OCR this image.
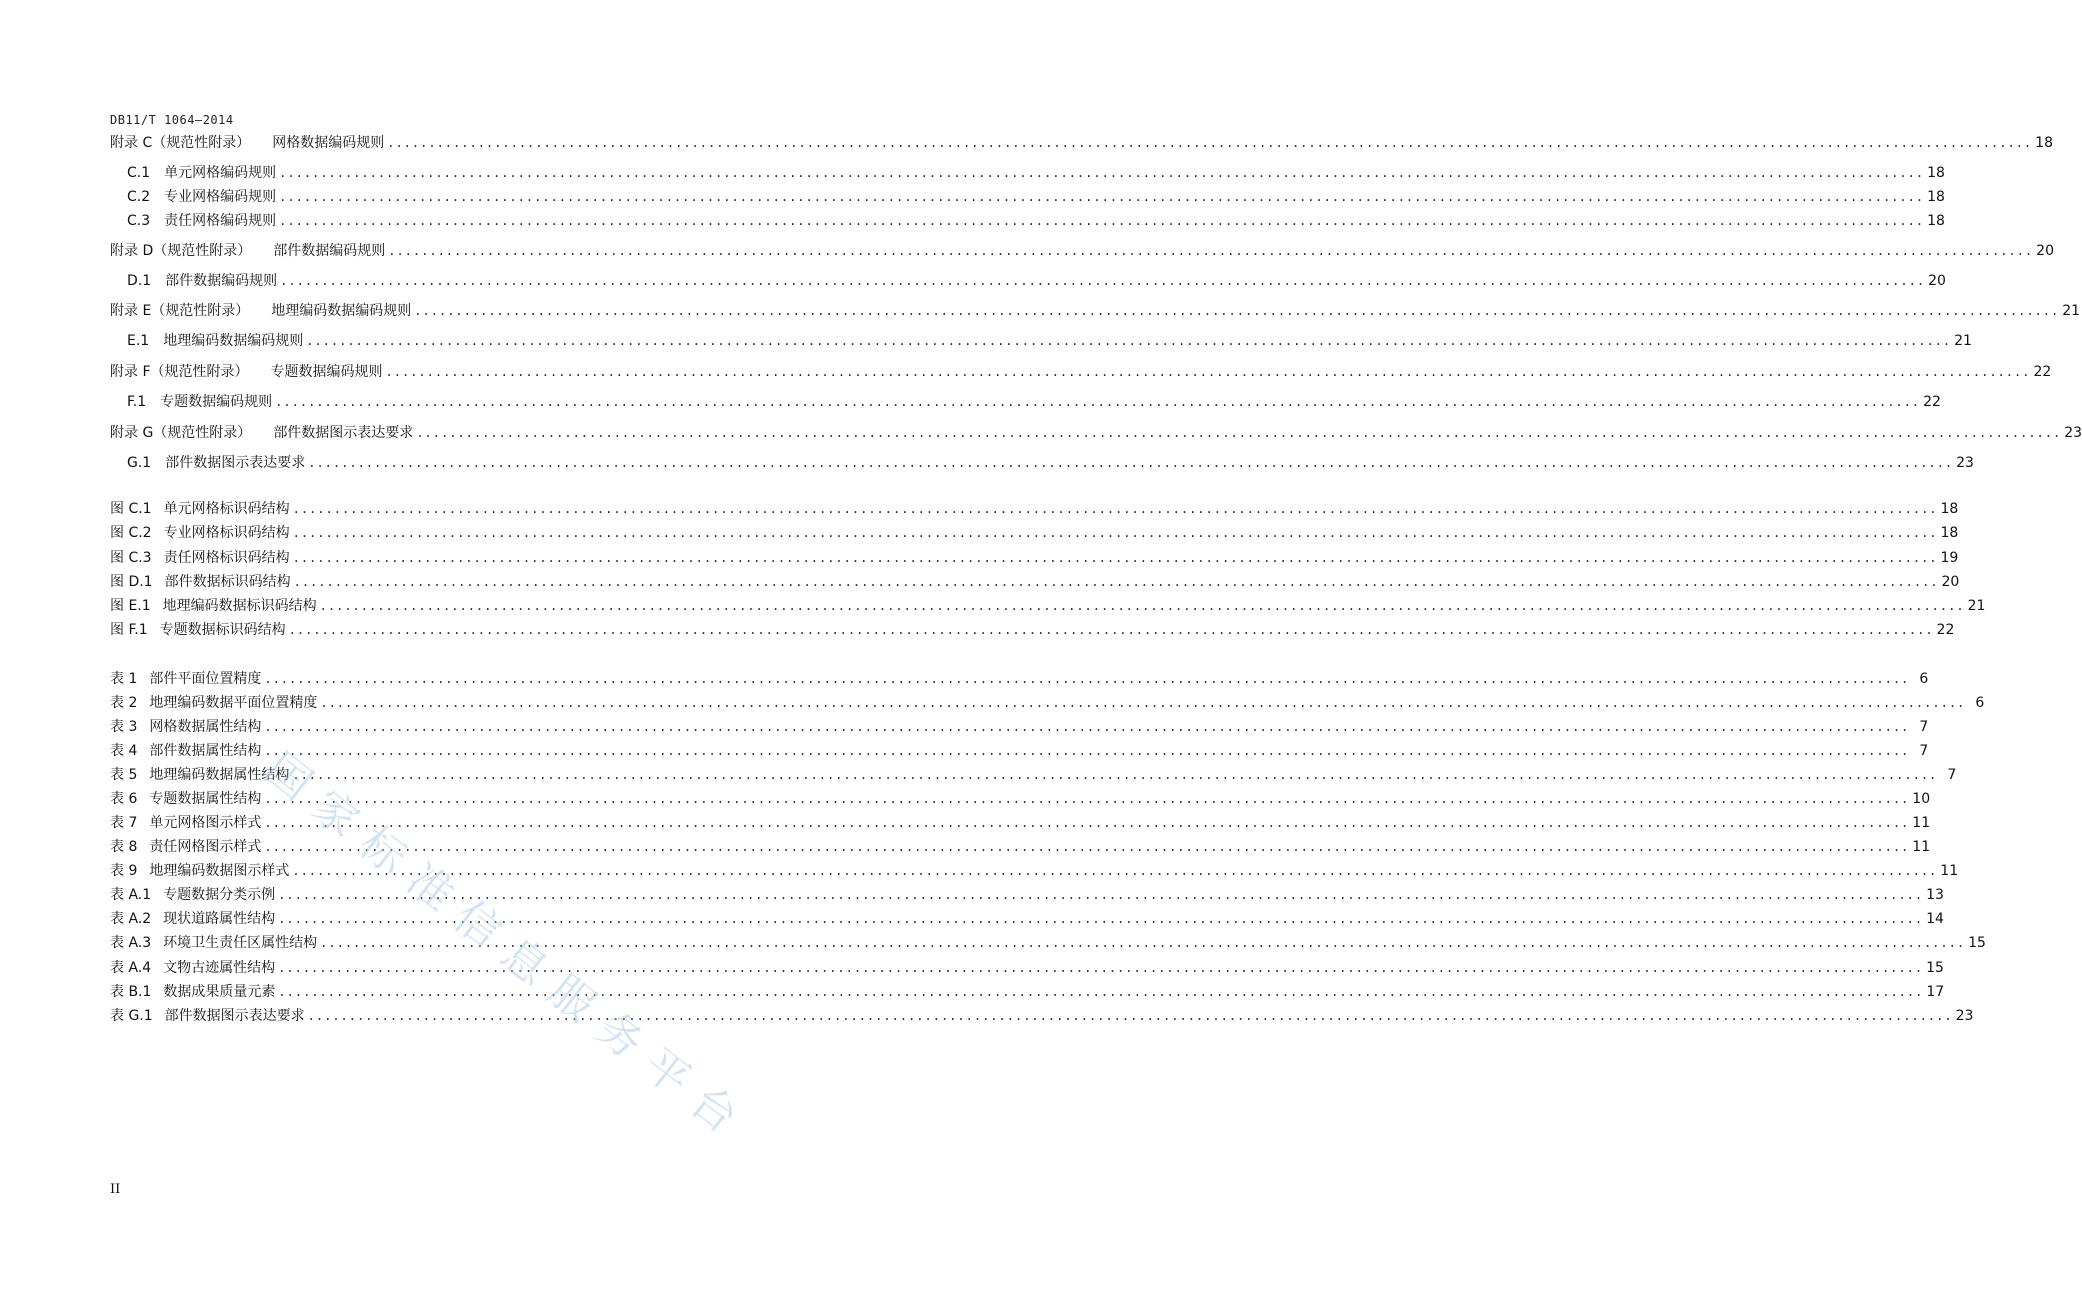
DB11/T 1064—2014
附录 C（规范性附录） 网格数据编码规则 ........................................................................................................................................................................................................ 18
C.1 单元网格编码规则 ........................................................................................................................................................................................................ 18
C.2 专业网格编码规则 ........................................................................................................................................................................................................ 18
C.3 责任网格编码规则 ........................................................................................................................................................................................................ 18
附录 D（规范性附录） 部件数据编码规则 ........................................................................................................................................................................................................ 20
D.1 部件数据编码规则 ........................................................................................................................................................................................................ 20
附录 E（规范性附录） 地理编码数据编码规则 ........................................................................................................................................................................................................ 21
E.1 地理编码数据编码规则 ........................................................................................................................................................................................................ 21
附录 F（规范性附录） 专题数据编码规则 ........................................................................................................................................................................................................ 22
F.1 专题数据编码规则 ........................................................................................................................................................................................................ 22
附录 G（规范性附录） 部件数据图示表达要求 ........................................................................................................................................................................................................ 23
G.1 部件数据图示表达要求 ........................................................................................................................................................................................................ 23
图 C.1 单元网格标识码结构 ........................................................................................................................................................................................................ 18
图 C.2 专业网格标识码结构 ........................................................................................................................................................................................................ 18
图 C.3 责任网格标识码结构 ........................................................................................................................................................................................................ 19
图 D.1 部件数据标识码结构 ........................................................................................................................................................................................................ 20
图 E.1 地理编码数据标识码结构 ........................................................................................................................................................................................................ 21
图 F.1 专题数据标识码结构 ........................................................................................................................................................................................................ 22
表 1 部件平面位置精度 ........................................................................................................................................................................................................ 6
表 2 地理编码数据平面位置精度 ........................................................................................................................................................................................................ 6
表 3 网格数据属性结构 ........................................................................................................................................................................................................ 7
表 4 部件数据属性结构 ........................................................................................................................................................................................................ 7
表 5 地理编码数据属性结构 ........................................................................................................................................................................................................ 7
表 6 专题数据属性结构 ........................................................................................................................................................................................................ 10
表 7 单元网格图示样式 ........................................................................................................................................................................................................ 11
表 8 责任网格图示样式 ........................................................................................................................................................................................................ 11
表 9 地理编码数据图示样式 ........................................................................................................................................................................................................ 11
表 A.1 专题数据分类示例 ........................................................................................................................................................................................................ 13
表 A.2 现状道路属性结构 ........................................................................................................................................................................................................ 14
表 A.3 环境卫生责任区属性结构 ........................................................................................................................................................................................................ 15
表 A.4 文物古迹属性结构 ........................................................................................................................................................................................................ 15
表 B.1 数据成果质量元素 ........................................................................................................................................................................................................ 17
表 G.1 部件数据图示表达要求 ........................................................................................................................................................................................................ 23
国
家
标
准
信
息
服
务
平
台
II
